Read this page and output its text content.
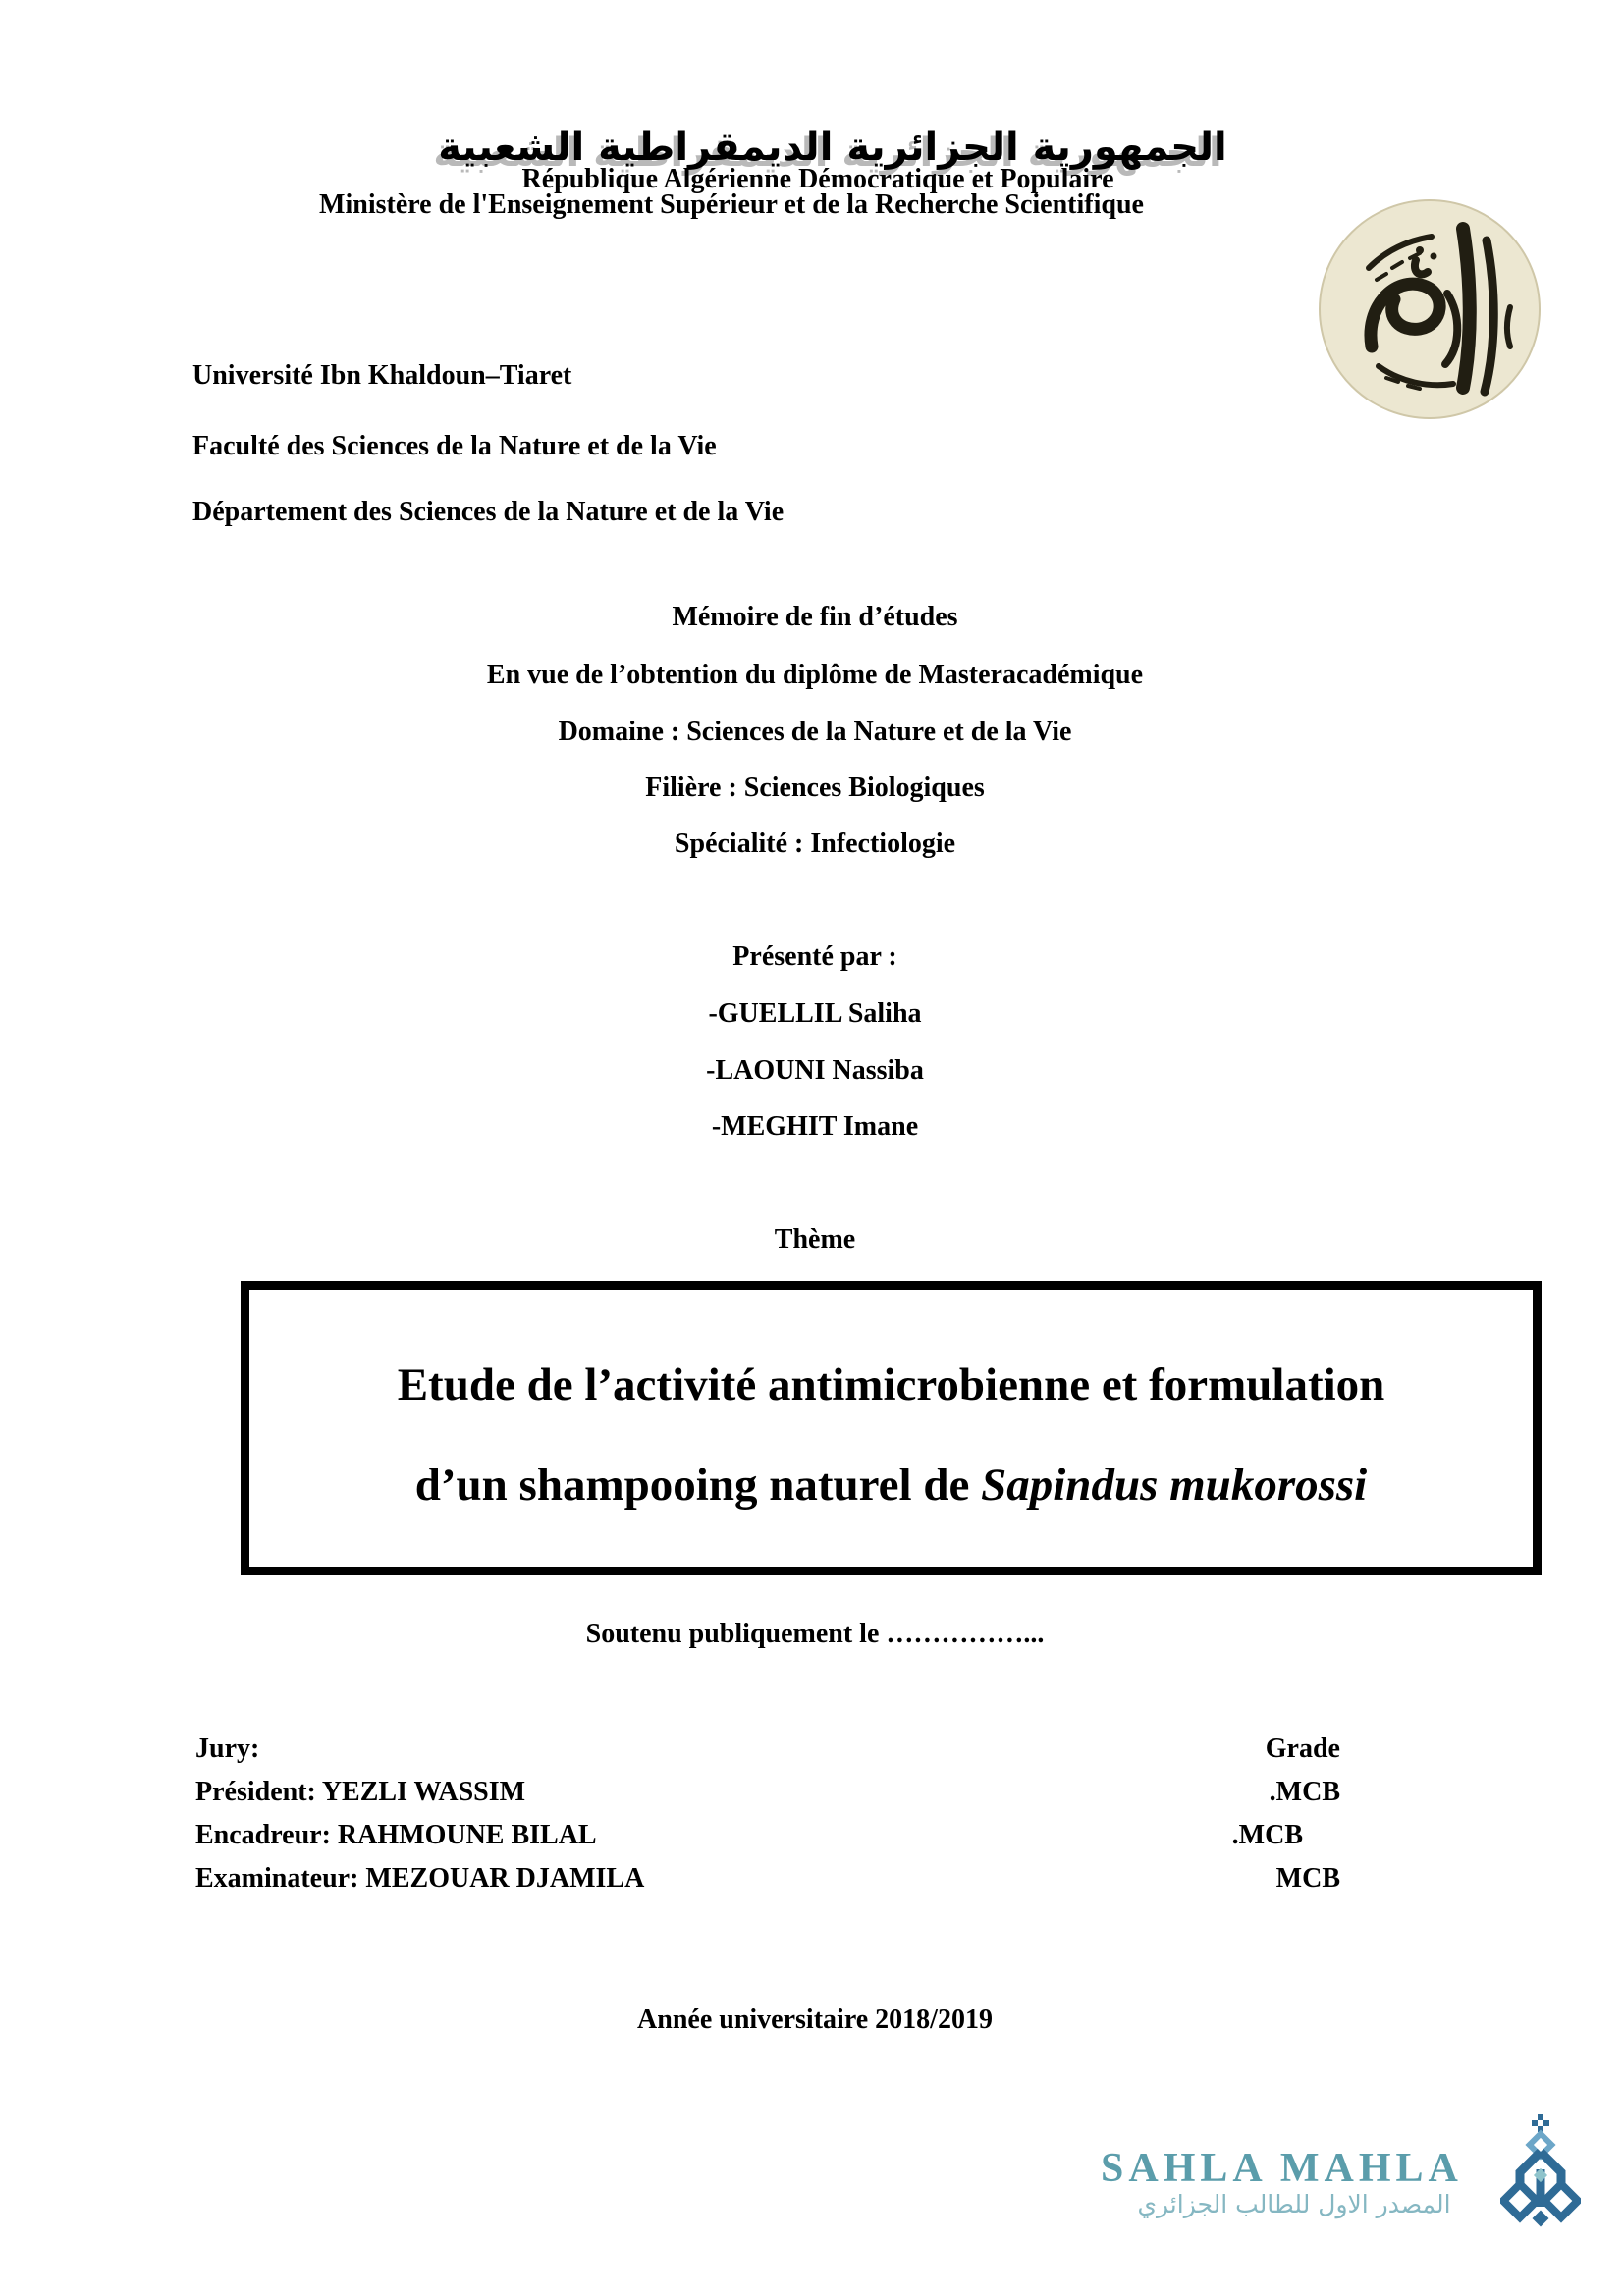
الجمهورية الجزائرية الديمقراطية الشعبية
République Algérienne Démocratique et Populaire
Ministère de l'Enseignement Supérieur et de la Recherche Scientifique
Université Ibn Khaldoun–Tiaret
Faculté des Sciences de la Nature et de la Vie
Département des Sciences de la Nature et de la Vie
Mémoire de fin d’études
En vue de l’obtention du diplôme de Masteracadémique
Domaine : Sciences de la Nature et de la Vie
Filière : Sciences Biologiques
Spécialité : Infectiologie
Présenté par :
-GUELLIL Saliha
-LAOUNI Nassiba
-MEGHIT Imane
Thème
Etude de l’activité antimicrobienne et formulation
d’un shampooing naturel de Sapindus mukorossi
Soutenu publiquement le ……………...
Jury:	Grade
Président: YEZLI WASSIM	.MCB
Encadreur: RAHMOUNE BILAL	.MCB
Examinateur: MEZOUAR DJAMILA	MCB
Année universitaire 2018/2019
SAHLA MAHLA
المصدر الاول للطالب الجزائري
